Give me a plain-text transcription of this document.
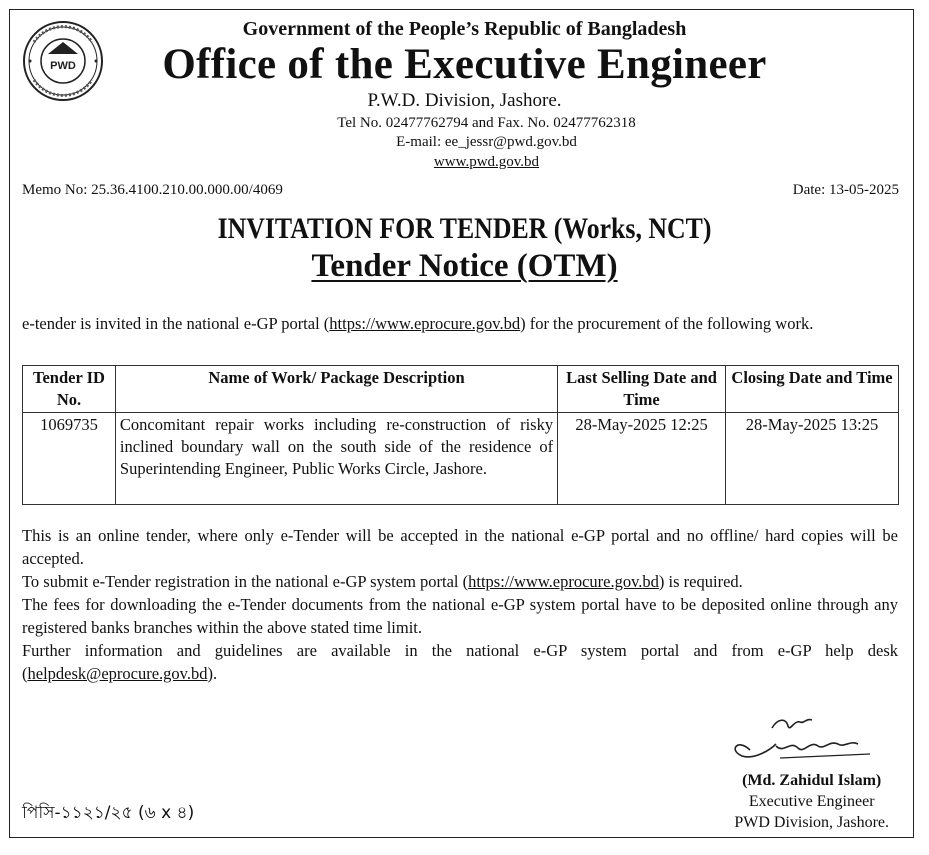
PWD
Government of the People’s Republic of Bangladesh
Office of the Executive Engineer
P.W.D. Division, Jashore.
Tel No. 02477762794 and Fax. No. 02477762318
E-mail: ee_jessr@pwd.gov.bd
www.pwd.gov.bd
Memo No: 25.36.4100.210.00.000.00/4069	Date: 13-05-2025
INVITATION FOR TENDER (Works, NCT)
Tender Notice (OTM)
e-tender is invited in the national e-GP portal (https://www.eprocure.gov.bd) for the procurement of the following work.
Tender ID No.	Name of Work/ Package Description	Last Selling Date and Time	Closing Date and Time
1069735	Concomitant repair works including re-construction of risky inclined boundary wall on the south side of the residence of Superintending Engineer, Public Works Circle, Jashore.	28-May-2025 12:25	28-May-2025 13:25

This is an online tender, where only e-Tender will be accepted in the national e-GP portal and no offline/ hard copies will be accepted.

To submit e-Tender registration in the national e-GP system portal (https://www.eprocure.gov.bd) is required.

The fees for downloading the e-Tender documents from the national e-GP system portal have to be deposited online through any registered banks branches within the above stated time limit.

Further information and guidelines are available in the national e-GP system portal and from e-GP help desk (helpdesk@eprocure.gov.bd).

(Md. Zahidul Islam)
Executive Engineer
PWD Division, Jashore.
পিসি-১১২১/২৫ (৬ x ৪)
